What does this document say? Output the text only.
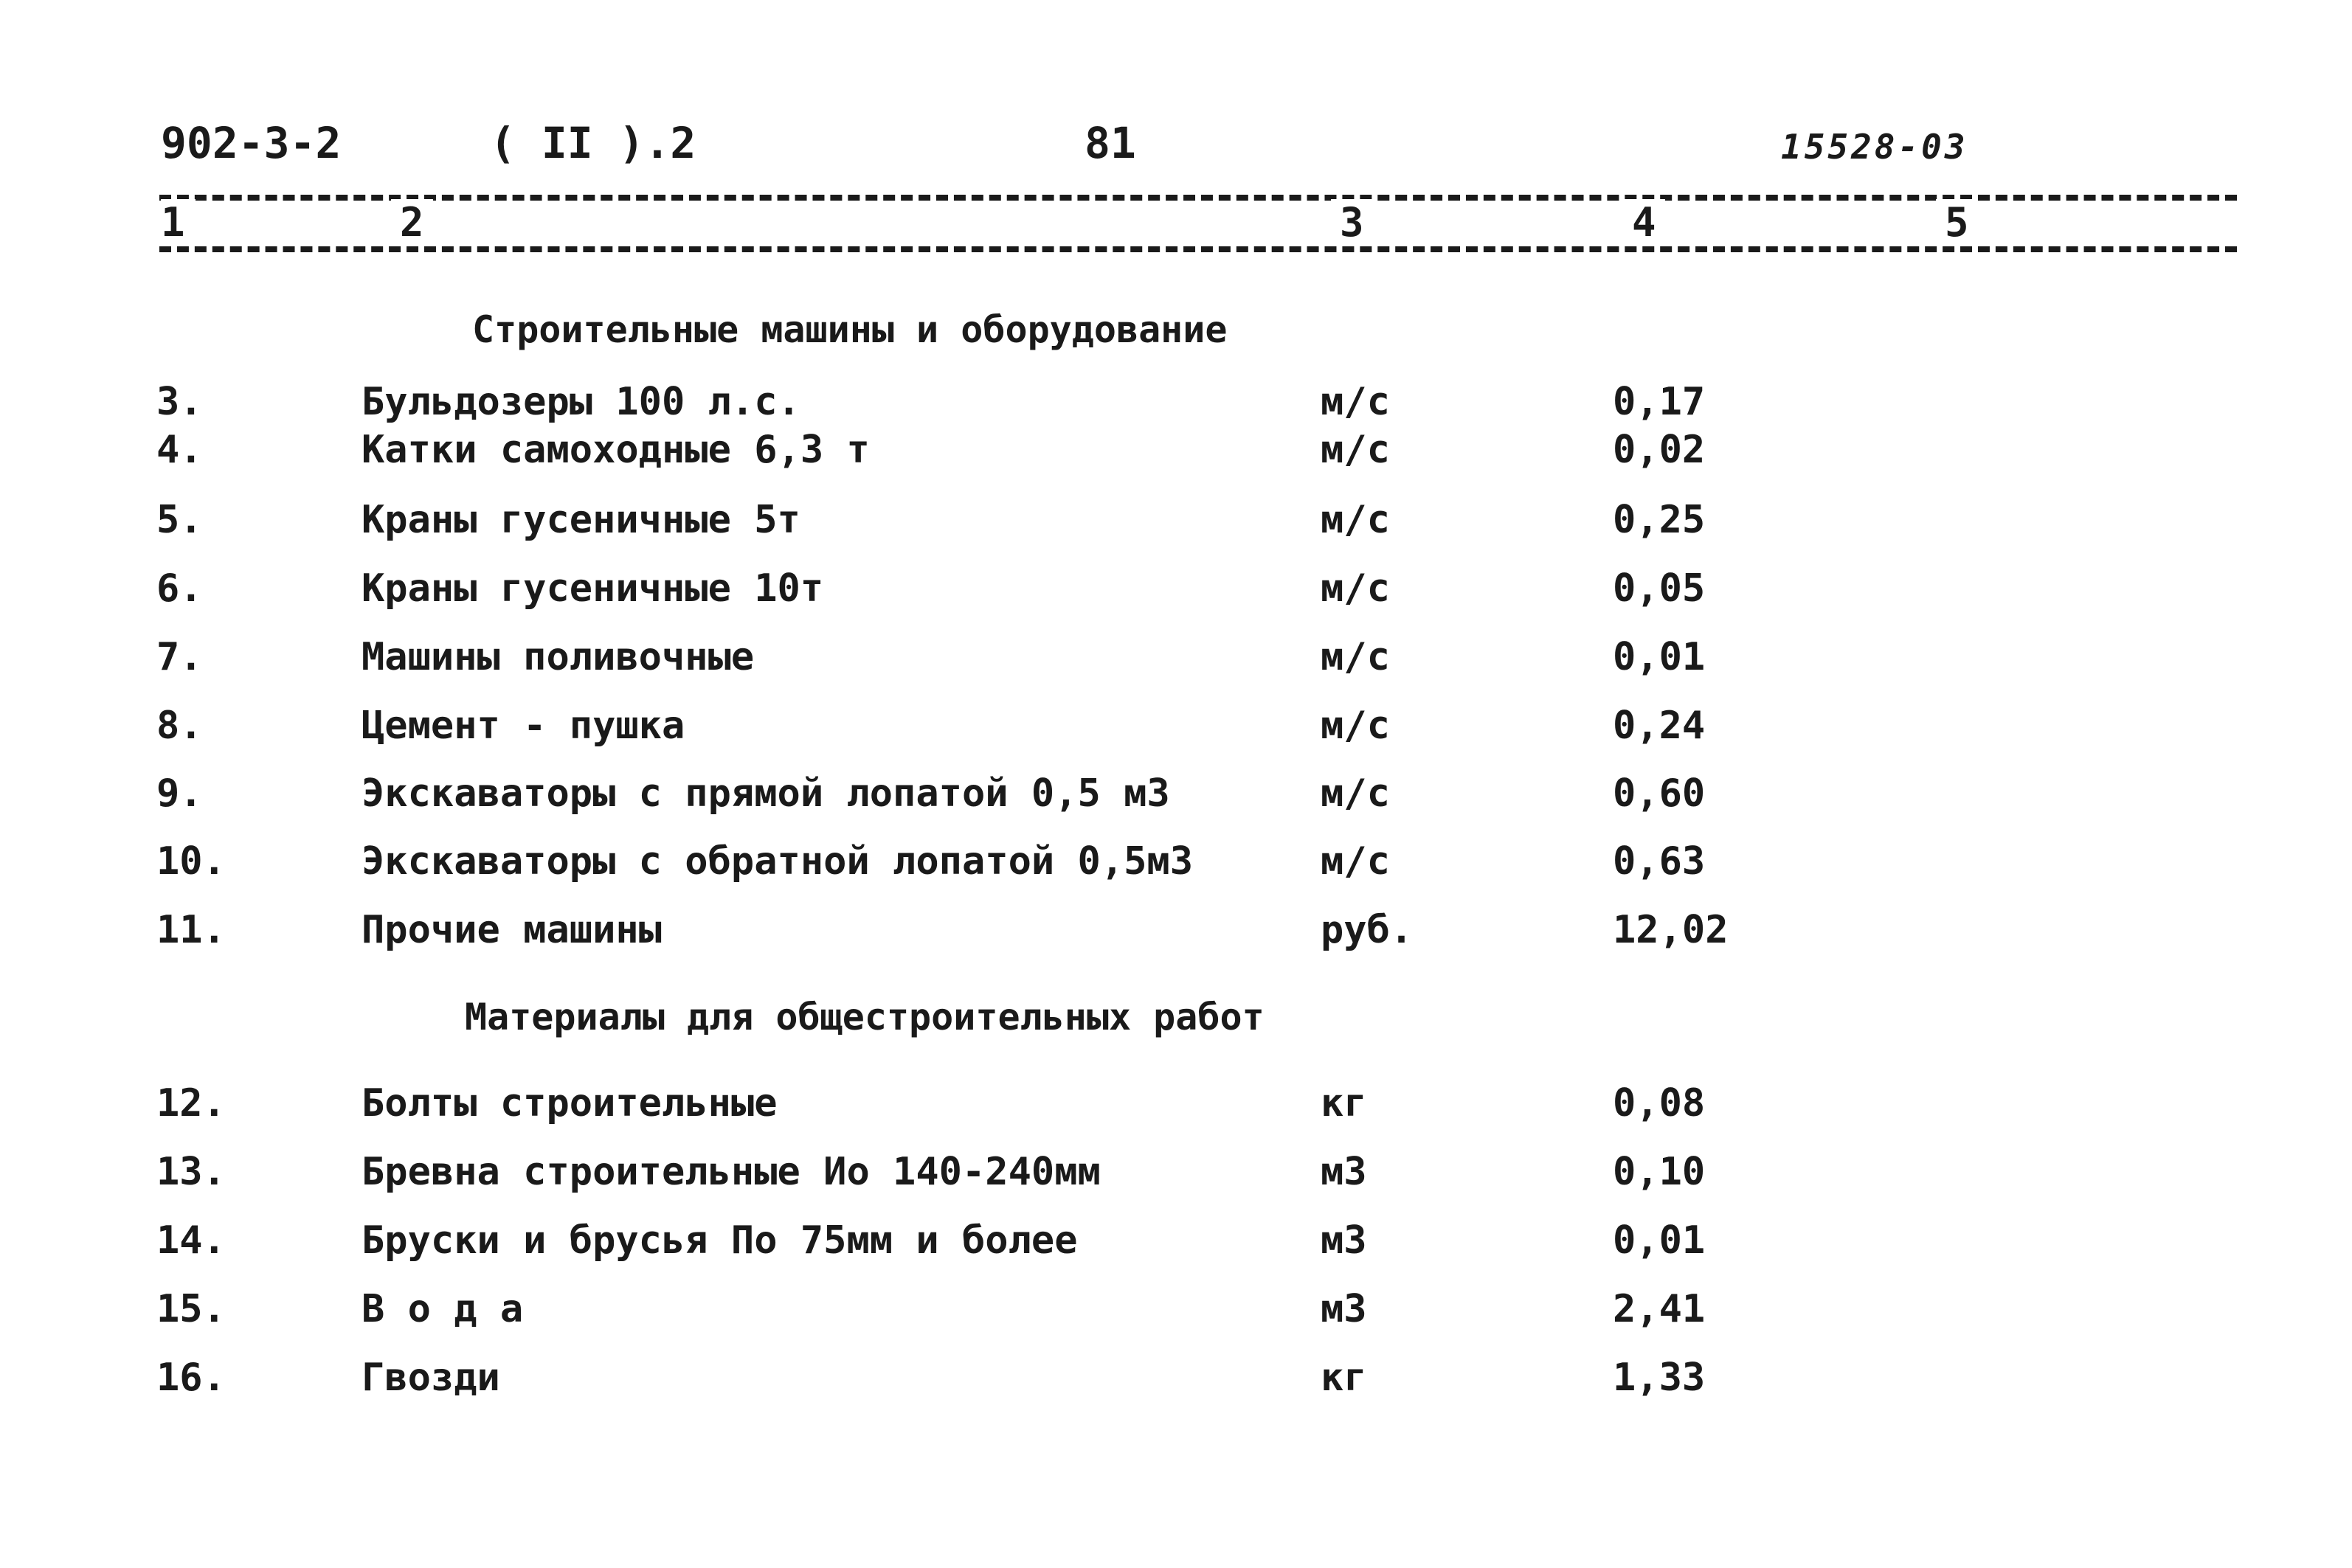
902-3-2	( II ).2	81	15528-03
1	2	3	4	5
Строительные машины и оборудование
3.	Бульдозеры 100 л.с.	м/с	0,17
4.	Катки самоходные 6,3 т	м/с	0,02
5.	Краны гусеничные 5т	м/с	0,25
6.	Краны гусеничные 10т	м/с	0,05
7.	Машины поливочные	м/с	0,01
8.	Цемент - пушка	м/с	0,24
9.	Экскаваторы с прямой лопатой 0,5 м3	м/с	0,60
10.	Экскаваторы с обратной лопатой 0,5м3	м/с	0,63
11.	Прочие машины	руб.	12,02
Материалы для общестроительных работ
12.	Болты строительные	кг	0,08
13.	Бревна строительные Ио 140-240мм	м3	0,10
14.	Бруски и брусья По 75мм и более	м3	0,01
15.	В о д а	м3	2,41
16.	Гвозди	кг	1,33
